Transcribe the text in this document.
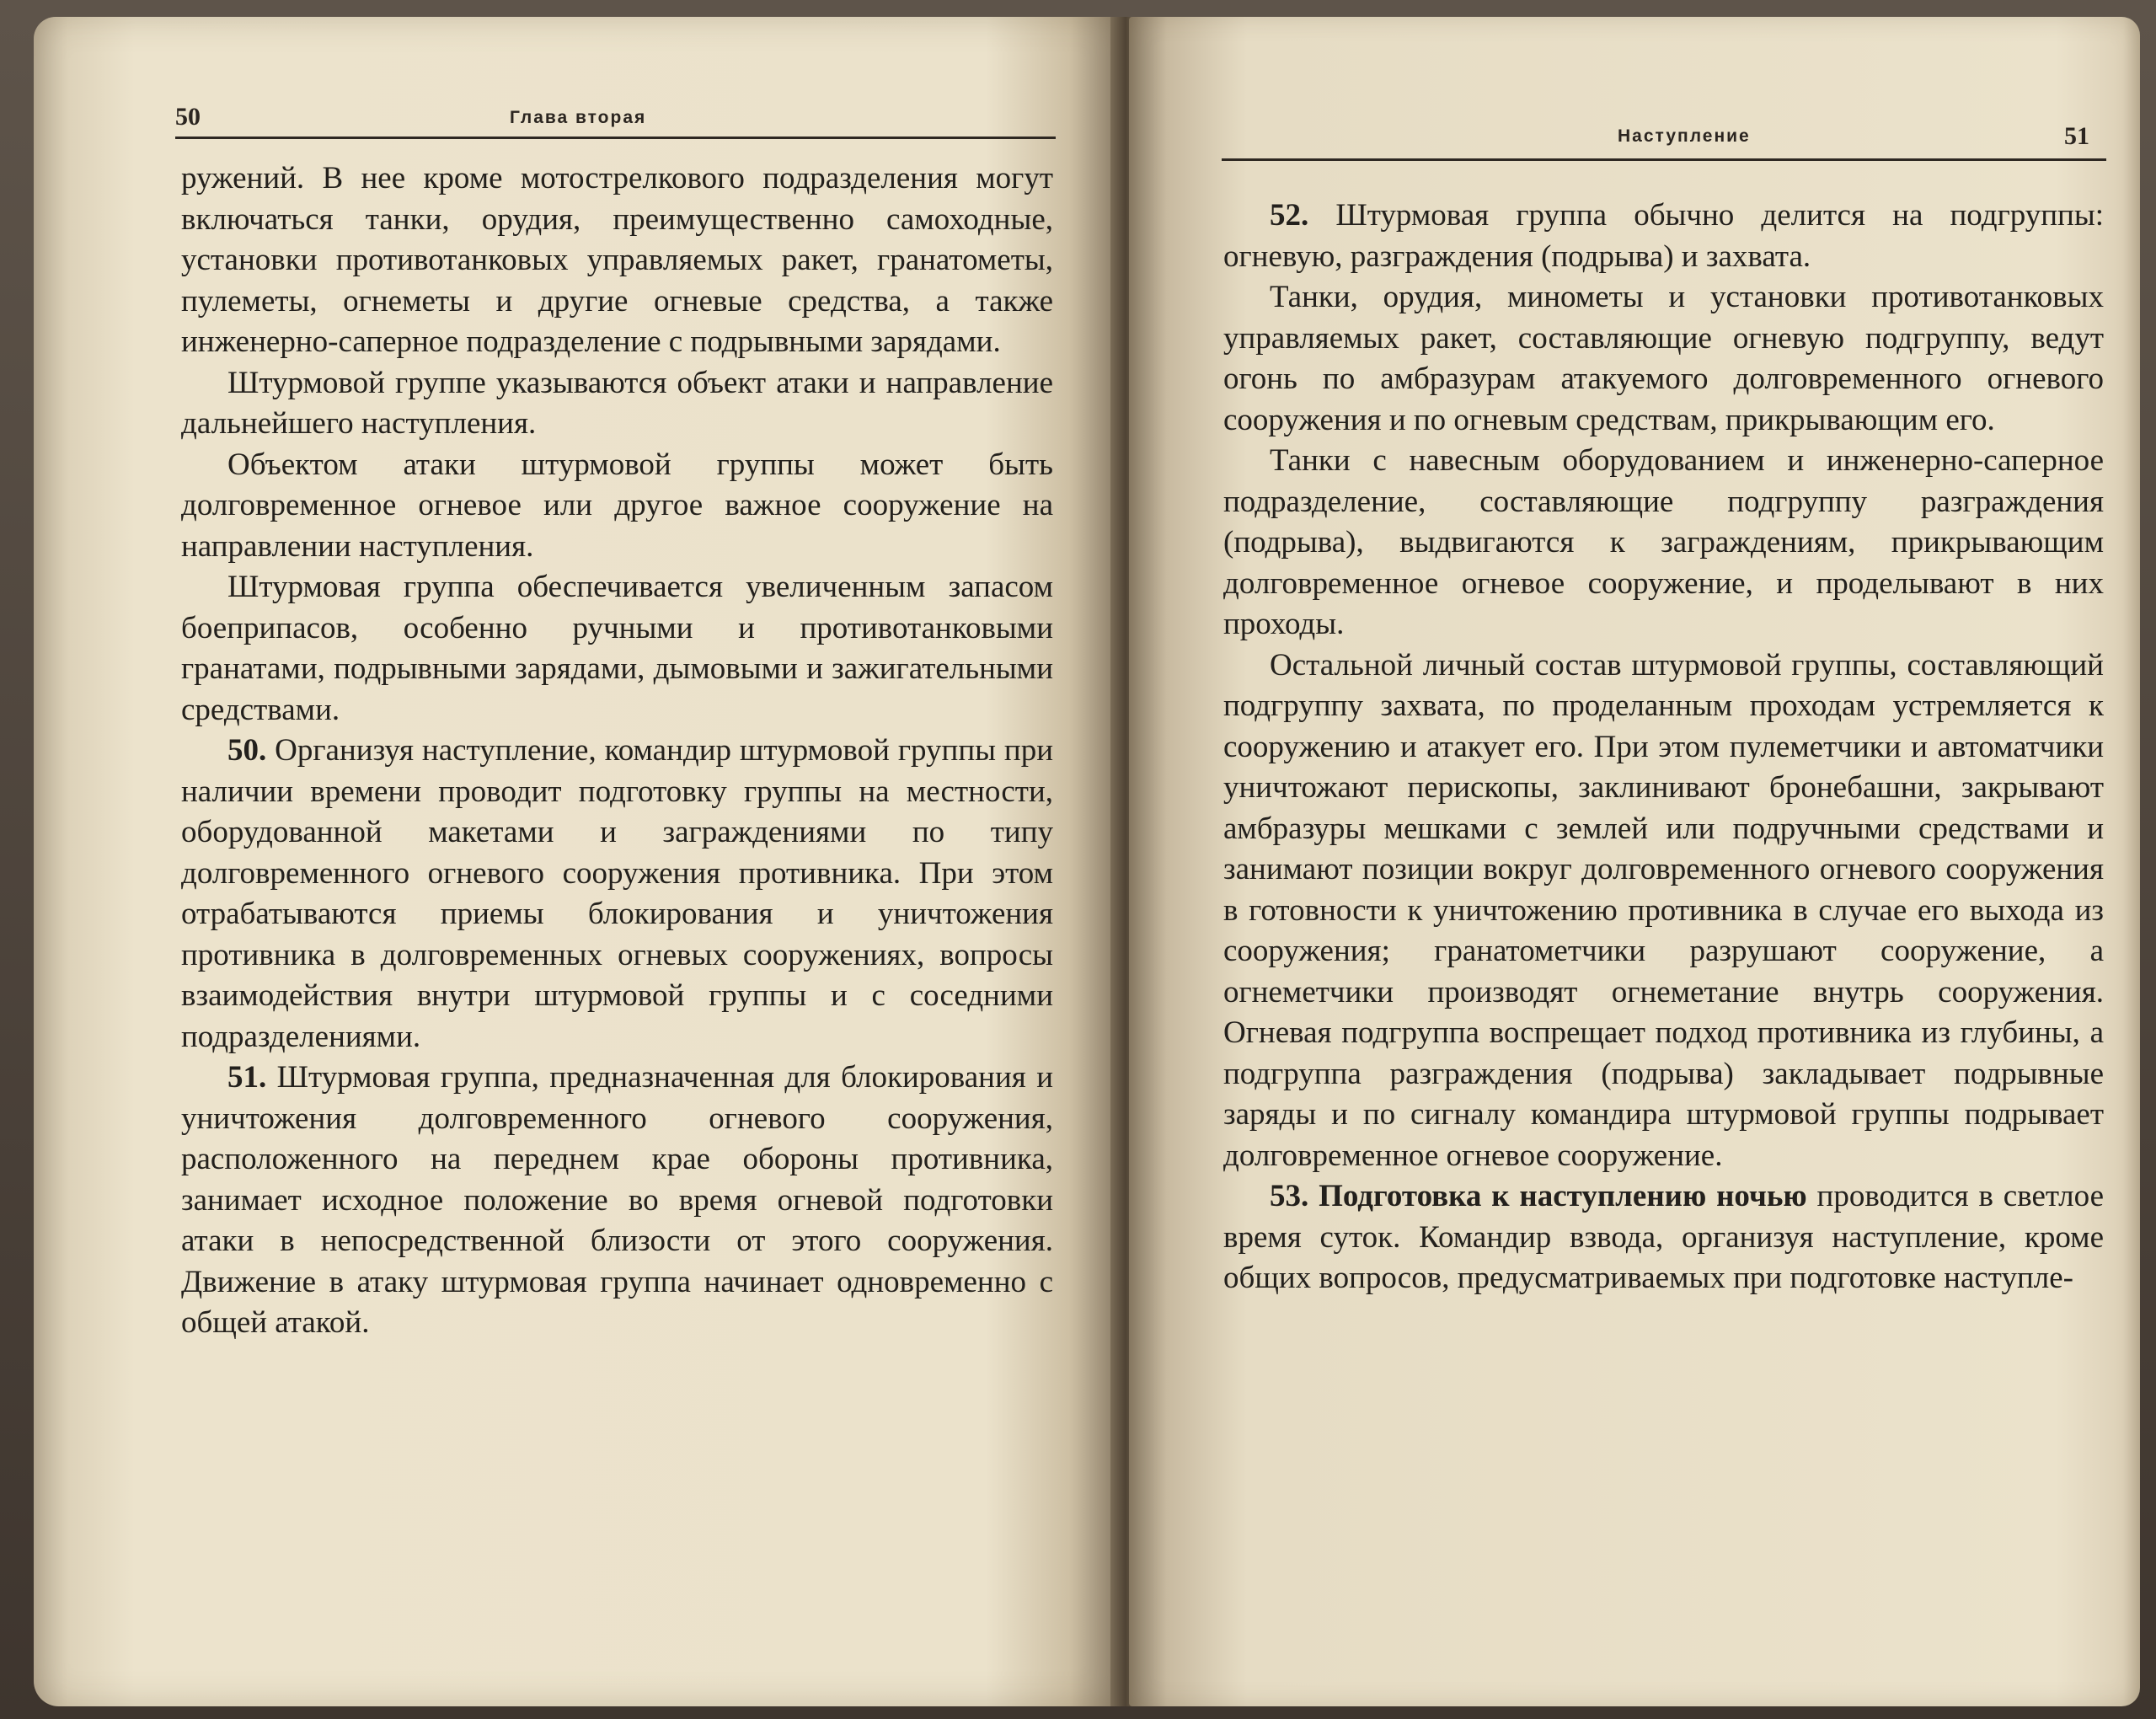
50	Глава вторая

ружений. В нее кроме мотострелкового подразделения могут включаться танки, орудия, преимущественно самоходные, установки противотанковых управляемых ракет, гранатометы, пулеметы, огнеметы и другие огневые средства, а также инженерно-саперное подразделение с подрывными зарядами.

Штурмовой группе указываются объект атаки и направление дальнейшего наступления.

Объектом атаки штурмовой группы может быть долговременное огневое или другое важное сооружение на направлении наступления.

Штурмовая группа обеспечивается увеличенным запасом боеприпасов, особенно ручными и противотанковыми гранатами, подрывными зарядами, дымовыми и зажигательными средствами.

50. Организуя наступление, командир штурмовой группы при наличии времени проводит подготовку группы на местности, оборудованной макетами и заграждениями по типу долговременного огневого сооружения противника. При этом отрабатываются приемы блокирования и уничтожения противника в долговременных огневых сооружениях, вопросы взаимодействия внутри штурмовой группы и с соседними подразделениями.

51. Штурмовая группа, предназначенная для блокирования и уничтожения долговременного огневого сооружения, расположенного на переднем крае обороны противника, занимает исходное положение во время огневой подготовки атаки в непосредственной близости от этого сооружения. Движение в атаку штурмовая группа начинает одновременно с общей атакой.

Наступление	51

52. Штурмовая группа обычно делится на подгруппы: огневую, разграждения (подрыва) и захвата.

Танки, орудия, минометы и установки противотанковых управляемых ракет, составляющие огневую подгруппу, ведут огонь по амбразурам атакуемого долговременного огневого сооружения и по огневым средствам, прикрывающим его.

Танки с навесным оборудованием и инженерно-саперное подразделение, составляющие подгруппу разграждения (подрыва), выдвигаются к заграждениям, прикрывающим долговременное огневое сооружение, и проделывают в них проходы.

Остальной личный состав штурмовой группы, составляющий подгруппу захвата, по проделанным проходам устремляется к сооружению и атакует его. При этом пулеметчики и автоматчики уничтожают перископы, заклинивают бронебашни, закрывают амбразуры мешками с землей или подручными средствами и занимают позиции вокруг долговременного огневого сооружения в готовности к уничтожению противника в случае его выхода из сооружения; гранатометчики разрушают сооружение, а огнеметчики производят огнеметание внутрь сооружения. Огневая подгруппа воспрещает подход противника из глубины, а подгруппа разграждения (подрыва) закладывает подрывные заряды и по сигналу командира штурмовой группы подрывает долговременное огневое сооружение.

53. Подготовка к наступлению ночью проводится в светлое время суток. Командир взвода, организуя наступление, кроме общих вопросов, предусматриваемых при подготовке наступле-
